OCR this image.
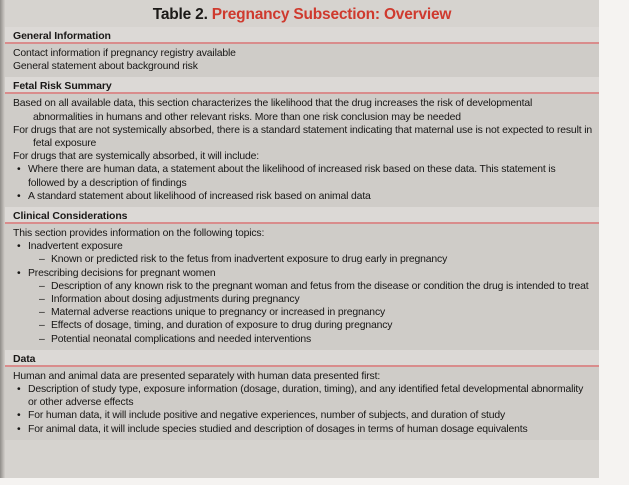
Table 2. Pregnancy Subsection: Overview
General Information
Contact information if pregnancy registry available
General statement about background risk
Fetal Risk Summary
Based on all available data, this section characterizes the likelihood that the drug increases the risk of developmental abnormalities in humans and other relevant risks. More than one risk conclusion may be needed
For drugs that are not systemically absorbed, there is a standard statement indicating that maternal use is not expected to result in fetal exposure
For drugs that are systemically absorbed, it will include:
• Where there are human data, a statement about the likelihood of increased risk based on these data. This statement is followed by a description of findings
• A standard statement about likelihood of increased risk based on animal data
Clinical Considerations
This section provides information on the following topics:
• Inadvertent exposure
– Known or predicted risk to the fetus from inadvertent exposure to drug early in pregnancy
• Prescribing decisions for pregnant women
– Description of any known risk to the pregnant woman and fetus from the disease or condition the drug is intended to treat
– Information about dosing adjustments during pregnancy
– Maternal adverse reactions unique to pregnancy or increased in pregnancy
– Effects of dosage, timing, and duration of exposure to drug during pregnancy
– Potential neonatal complications and needed interventions
Data
Human and animal data are presented separately with human data presented first:
• Description of study type, exposure information (dosage, duration, timing), and any identified fetal developmental abnormality or other adverse effects
• For human data, it will include positive and negative experiences, number of subjects, and duration of study
• For animal data, it will include species studied and description of dosages in terms of human dosage equivalents
